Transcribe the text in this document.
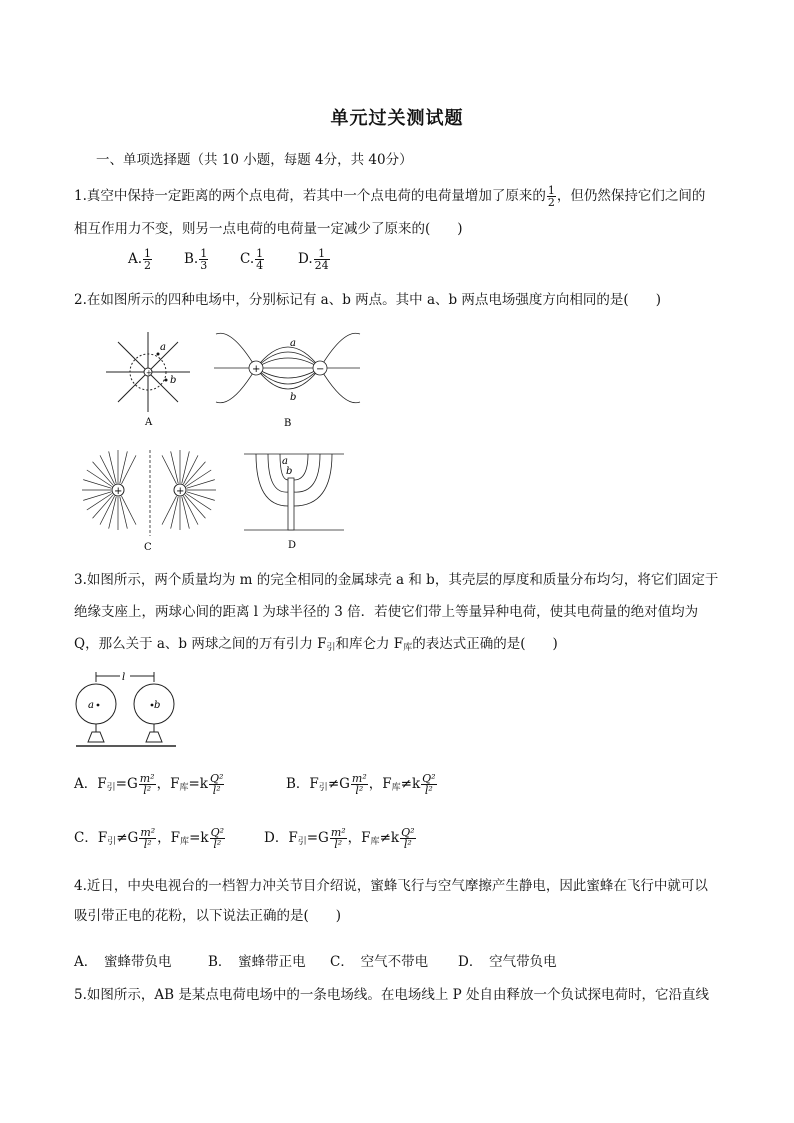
单元过关测试题
一、单项选择题（共 10 小题，每题 4分，共 40分）
1.真空中保持一定距离的两个点电荷，若其中一个点电荷的电荷量增加了原来的 $\frac{1}{2}$ ，但仍然保持它们之间的
相互作用力不变，则另一点电荷的电荷量一定减少了原来的(　　)
A. $\frac{1}{2} B$. $\frac{1}{3} C$. $\frac{1}{4}$	D. $\frac{1}{24}$
2.在如图所示的四种电场中，分别标记有 a、b 两点。其中 a、b 两点电场强度方向相同的是(　　)
+
a
b
A
+	−
a
b
B
+	+
C
a
b
D
3.如图所示，两个质量均为 m 的完全相同的金属球壳 a 和 b，其壳层的厚度和质量分布均匀，将它们固定于
绝缘支座上，两球心间的距离 l 为球半径的 3 倍．若使它们带上等量异种电荷，使其电荷量的绝对值均为
Q，那么关于 a、b 两球之间的万有引力 $F_引$和库仑力 $F_库$的表达式正确的是(　　)
l
a	b
A．$F_引=G \frac{\text{m²}}{\text{l²}}$ ，$F_库=k \frac{\text{Q²}}{\text{l²}}$	B．$F_引\ne G \frac{\text{m²}}{\text{l²}}$ ，$F_库\ne k \frac{\text{Q²}}{\text{l²}}$
C．$F_引\ne G \frac{\text{m²}}{\text{l²}}$ ，$F_库=k \frac{\text{Q²}}{\text{l²}}$	D．$F_引=G \frac{\text{m²}}{\text{l²}}$ ，$F_库\ne k \frac{\text{Q²}}{\text{l²}}$
4.近日，中央电视台的一档智力冲关节目介绍说，蜜蜂飞行与空气摩擦产生静电，因此蜜蜂在飞行中就可以
吸引带正电的花粉，以下说法正确的是(　　)
A．　蜜蜂带负电	B．　蜜蜂带正电 C．　空气不带电 D．　空气带负电
5.如图所示，AB 是某点电荷电场中的一条电场线。在电场线上 P 处自由释放一个负试探电荷时，它沿直线
